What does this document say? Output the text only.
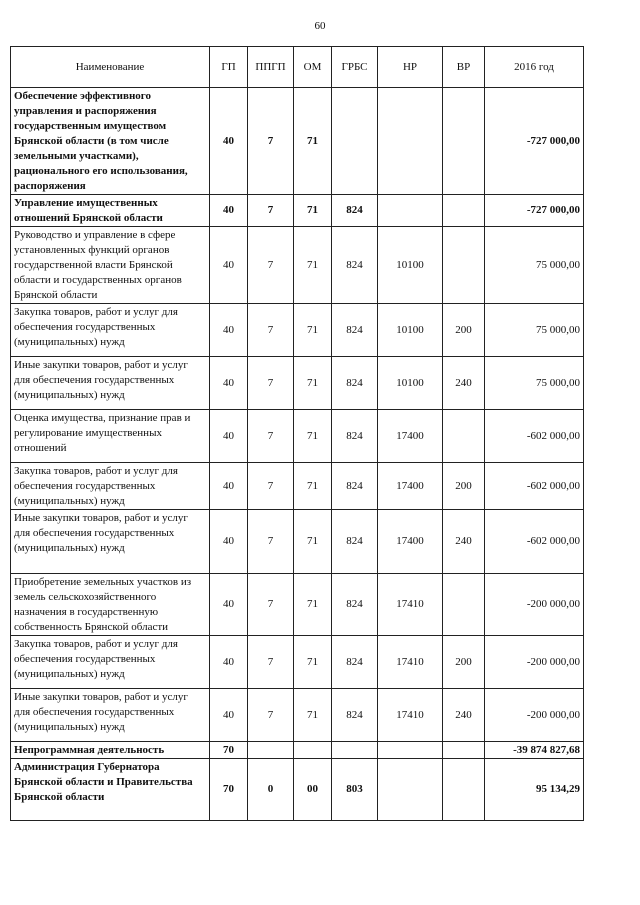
60
Наименование	ГП	ППГП	ОМ	ГРБС	НР	ВР	2016 год
Обеспечение эффективного управления и распоряжения государственным имуществом Брянской области (в том числе земельными участками), рационального его использования, распоряжения	40	7	71				-727 000,00
Управление имущественных отношений Брянской области	40	7	71	824			-727 000,00
Руководство и управление в сфере установленных функций органов государственной власти Брянской области и государственных органов Брянской области	40	7	71	824	10100		75 000,00
Закупка товаров, работ и услуг для обеспечения государственных (муниципальных) нужд	40	7	71	824	10100	200	75 000,00
Иные закупки товаров, работ и услуг для обеспечения государственных (муниципальных) нужд	40	7	71	824	10100	240	75 000,00
Оценка имущества, признание прав и регулирование имущественных отношений	40	7	71	824	17400		-602 000,00
Закупка товаров, работ и услуг для обеспечения государственных (муниципальных) нужд	40	7	71	824	17400	200	-602 000,00
Иные закупки товаров, работ и услуг для обеспечения государственных (муниципальных) нужд	40	7	71	824	17400	240	-602 000,00
Приобретение земельных участков из земель сельскохозяйственного назначения в государственную собственность Брянской области	40	7	71	824	17410		-200 000,00
Закупка товаров, работ и услуг для обеспечения государственных (муниципальных) нужд	40	7	71	824	17410	200	-200 000,00
Иные закупки товаров, работ и услуг для обеспечения государственных (муниципальных) нужд	40	7	71	824	17410	240	-200 000,00
Непрограммная деятельность	70						-39 874 827,68
Администрация Губернатора Брянской области и Правительства Брянской области	70	0	00	803			95 134,29
